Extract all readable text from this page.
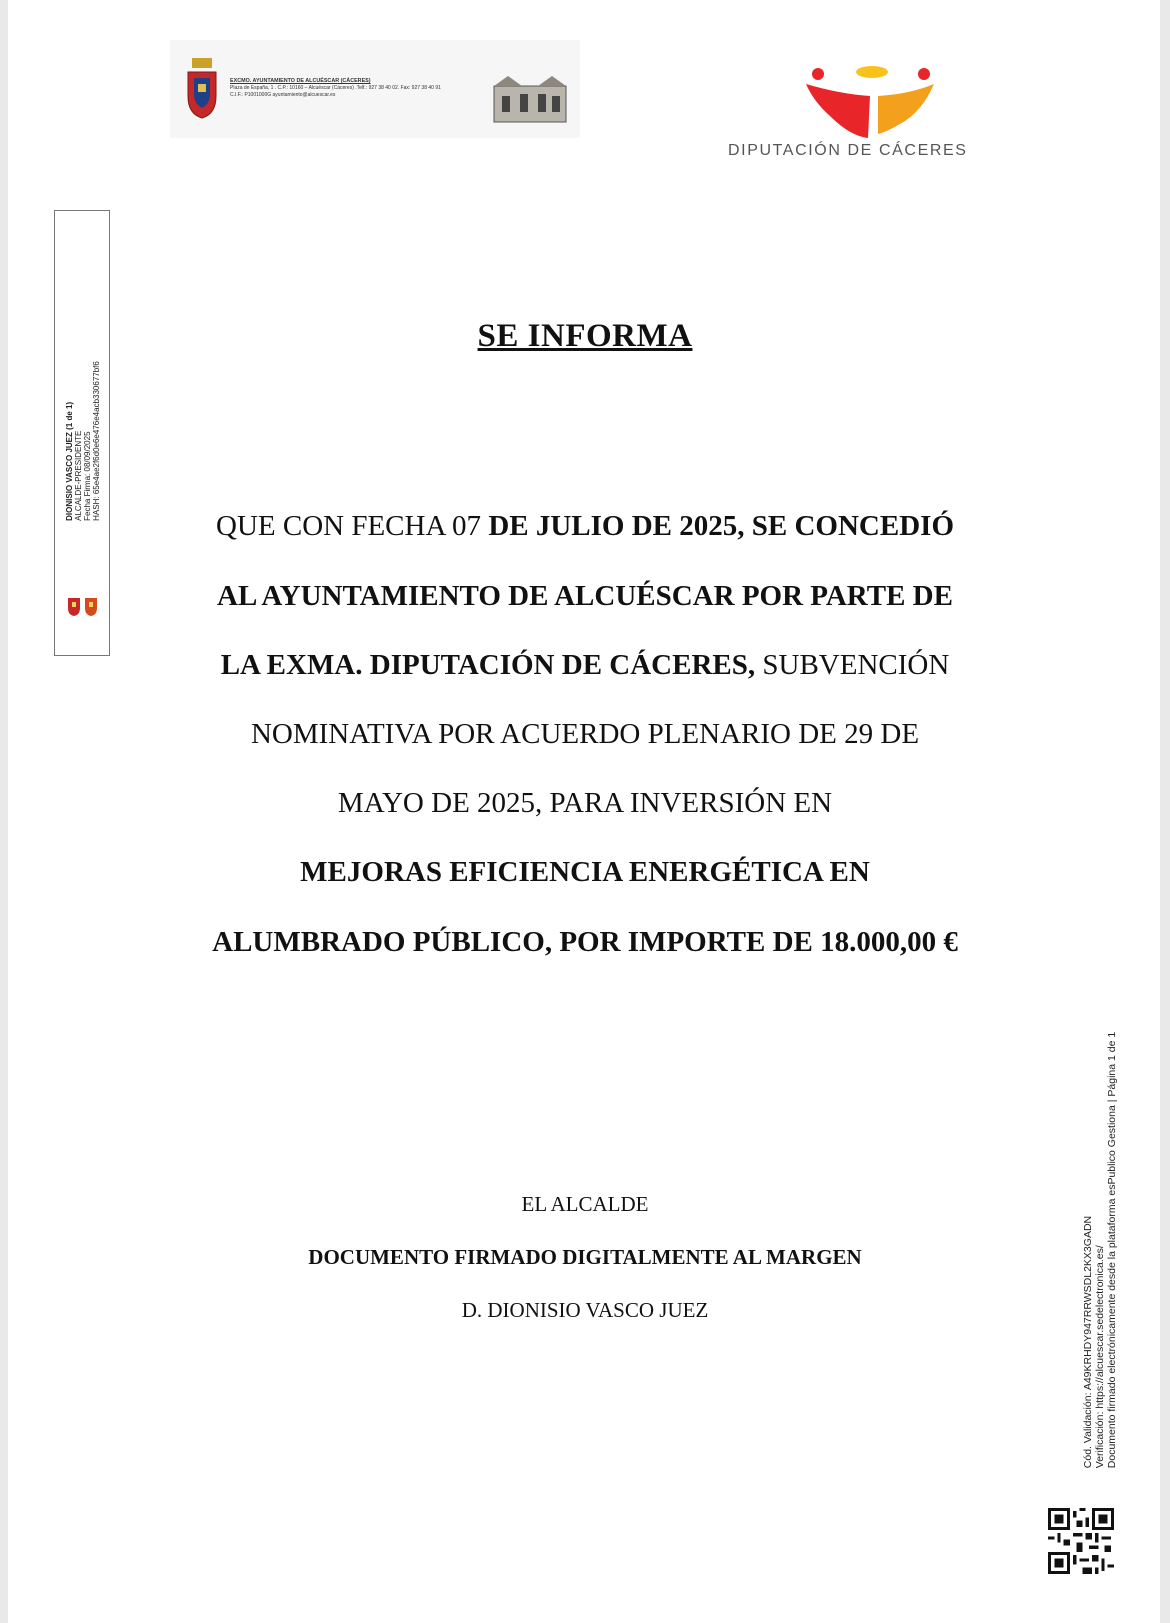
EXCMO. AYUNTAMIENTO DE ALCUÉSCAR (CÁCERES)
Plaza de España, 1 . C.P.: 10160 – Alcuéscar (Cáceres) .Telf.: 927 38 40 02. Fax: 927 38 40 91
C.I.F.: P1001000G ayuntamiento@alcuescar.es
DIPUTACIÓN DE CÁCERES
DIONISIO VASCO JUEZ (1 de 1) ALCALDE-PRESIDENTE Fecha Firma: 08/09/2025 HASH: 65e4ae2f6d0e6e476e4acb330677bf6
SE INFORMA
QUE CON FECHA 07 DE JULIO DE 2025, SE CONCEDIÓ
AL AYUNTAMIENTO DE ALCUÉSCAR POR PARTE DE
LA EXMA. DIPUTACIÓN DE CÁCERES, SUBVENCIÓN
NOMINATIVA POR ACUERDO PLENARIO DE 29 DE
MAYO DE 2025, PARA INVERSIÓN EN
MEJORAS EFICIENCIA ENERGÉTICA EN
ALUMBRADO PÚBLICO, POR IMPORTE DE 18.000,00 €
EL ALCALDE
DOCUMENTO FIRMADO DIGITALMENTE AL MARGEN
D. DIONISIO VASCO JUEZ	Cód. Validación: A49KRHDY947RRWSDL2KX3GADN Verificación: https://alcuescar.sedelectronica.es/ Documento firmado electrónicamente desde la plataforma esPublico Gestiona | Página 1 de 1
